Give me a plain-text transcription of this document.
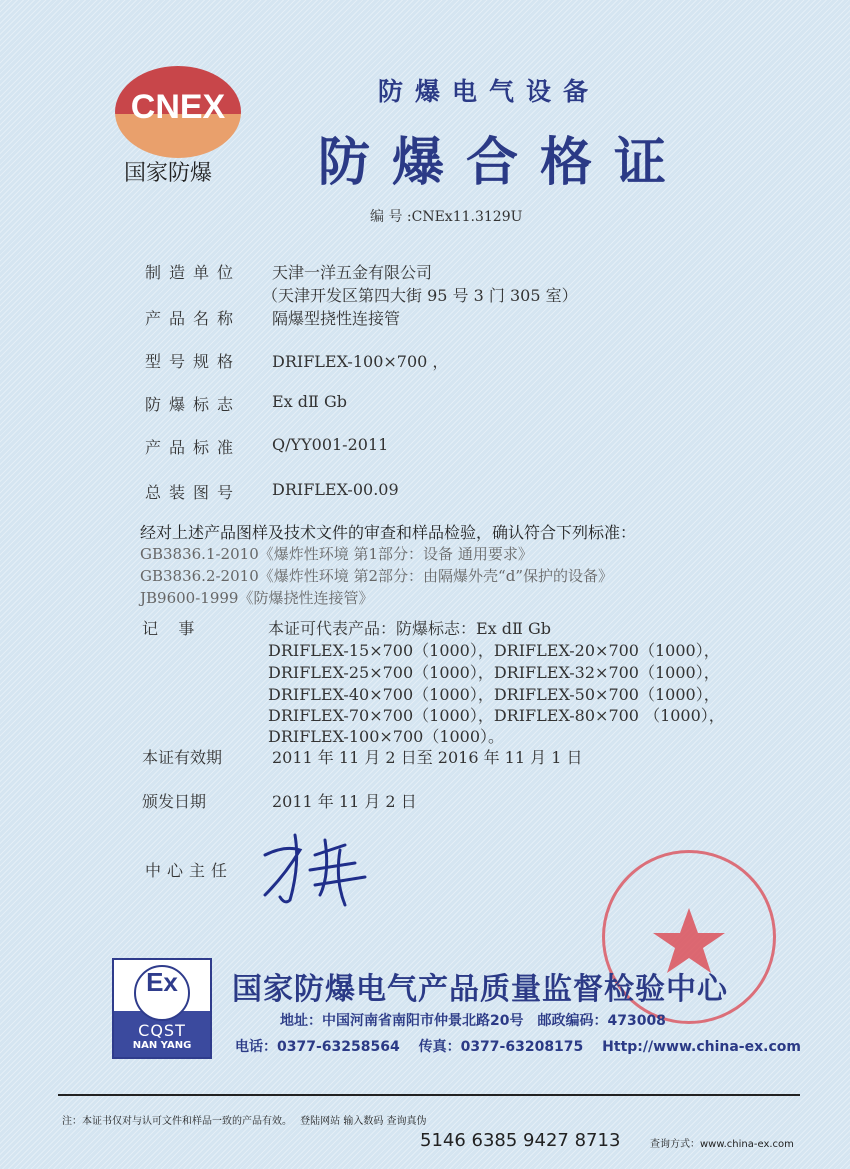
CNEX
国家防爆
防爆电气设备
防爆合格证
编 号 :CNEx11.3129U
制造单位 天津一洋五金有限公司
（天津开发区第四大街 95 号 3 门 305 室）
产品名称 隔爆型挠性连接管
型号规格 DRIFLEX-100×700 ，
防爆标志 Ex dⅡ Gb
产品标准 Q/YY001-2011
总装图号 DRIFLEX-00.09
经对上述产品图样及技术文件的审查和样品检验，确认符合下列标准：
GB3836.1-2010《爆炸性环境 第1部分：设备 通用要求》
GB3836.2-2010《爆炸性环境 第2部分：由隔爆外壳“d”保护的设备》
JB9600-1999《防爆挠性连接管》
记    事	本证可代表产品：防爆标志：Ex dⅡ Gb
DRIFLEX-15×700（1000），DRIFLEX-20×700（1000），
DRIFLEX-25×700（1000），DRIFLEX-32×700（1000），
DRIFLEX-40×700（1000），DRIFLEX-50×700（1000），
DRIFLEX-70×700（1000），DRIFLEX-80×700 （1000），
DRIFLEX-100×700（1000）。
本证有效期	2011 年 11 月 2 日至 2016 年 11 月 1 日
颁发日期	2011 年 11 月 2 日
中心主任
Ex
CQST
NAN YANG
国家防爆电气产品质量监督检验中心
地址：中国河南省南阳市仲景北路20号　邮政编码：473008
电话：0377-63258564　 传真：0377-63208175　 Http://www.china-ex.com
注：本证书仅对与认可文件和样品一致的产品有效。　 登陆网站 输入数码 查询真伪
5146 6385 9427 8713	查询方式：www.china-ex.com
